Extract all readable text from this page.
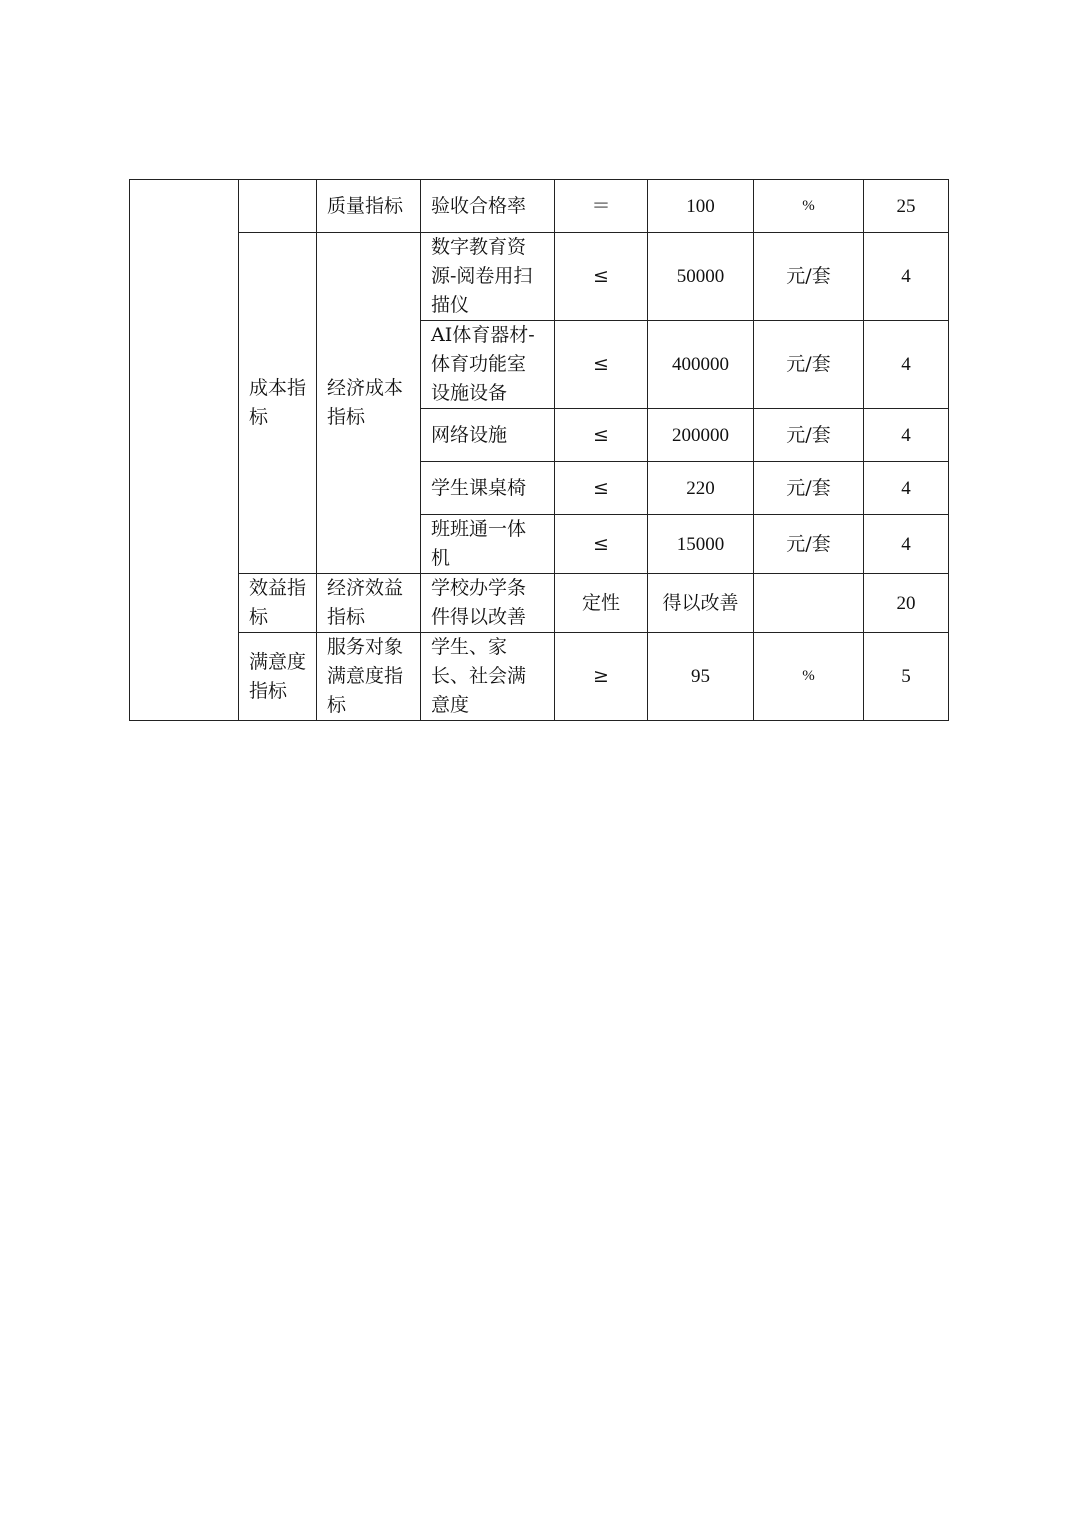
		质量指标	验收合格率	＝	100	%	25
	成本指标	经济成本指标	数字教育资源-阅卷用扫描仪	≤	50000	元/套	4
			AI体育器材-体育功能室设施设备	≤	400000	元/套	4
			网络设施	≤	200000	元/套	4
			学生课桌椅	≤	220	元/套	4
			班班通一体机	≤	15000	元/套	4
	效益指标	经济效益指标	学校办学条件得以改善	定性	得以改善		20
	满意度指标	服务对象满意度指标	学生、家长、社会满意度	≥	95	%	5
